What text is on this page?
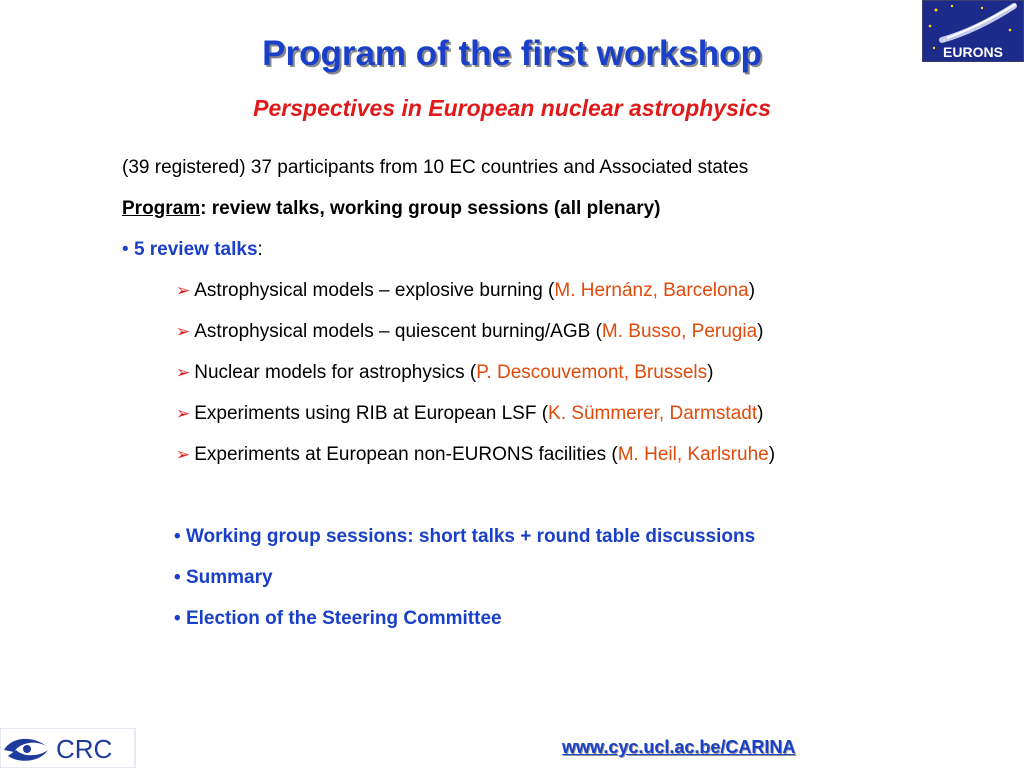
EURONS
Program of the first workshop
Perspectives in European nuclear astrophysics
(39 registered) 37 participants from 10 EC countries and Associated states
Program: review talks, working group sessions (all plenary)
• 5 review talks:
➢ Astrophysical models – explosive burning (M. Hernánz, Barcelona)
➢ Astrophysical models – quiescent burning/AGB (M. Busso, Perugia)
➢ Nuclear models for astrophysics (P. Descouvemont, Brussels)
➢ Experiments using RIB at European LSF (K. Sümmerer, Darmstadt)
➢ Experiments at European non-EURONS facilities (M. Heil, Karlsruhe)
• Working group sessions: short talks + round table discussions
• Summary
• Election of the Steering Committee
CRC	www.cyc.ucl.ac.be/CARINA
